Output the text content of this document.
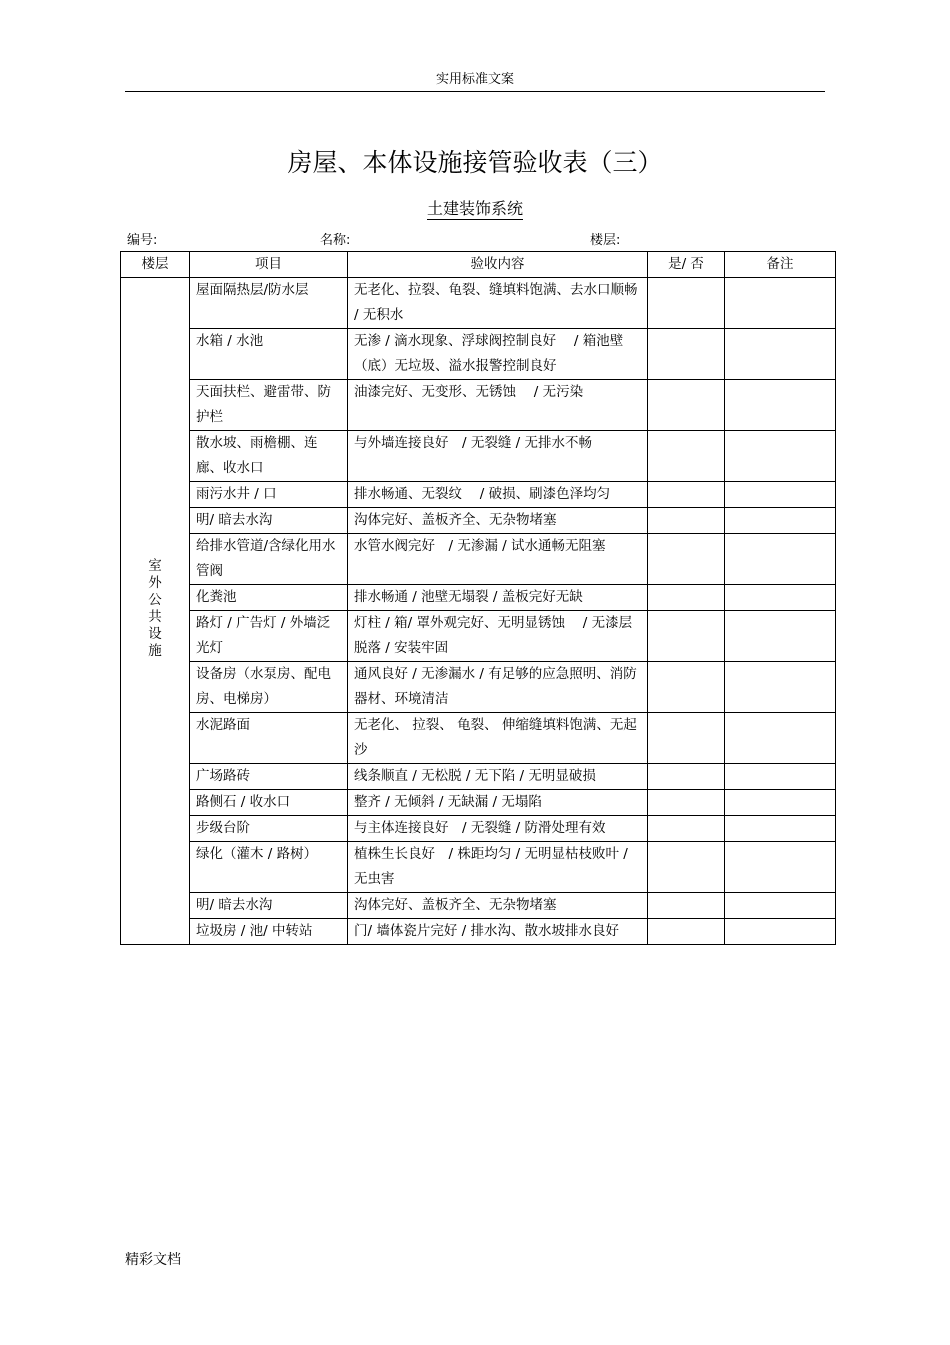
实用标准文案
房屋、本体设施接管验收表（三）
土建装饰系统
编号:	名称:	楼层:
楼层	项目	验收内容	是/ 否	备注
室外公共设施	屋面隔热层/防水层	无老化、拉裂、龟裂、缝填料饱满、去水口顺畅 / 无积水		
	水箱 / 水池	无渗 / 滴水现象、浮球阀控制良好　 / 箱池壁（底）无垃圾、溢水报警控制良好		
	天面扶栏、避雷带、防护栏	油漆完好、无变形、无锈蚀　 / 无污染		
	散水坡、雨檐棚、连廊、收水口	与外墙连接良好　/ 无裂缝 / 无排水不畅		
	雨污水井 / 口	排水畅通、无裂纹　 / 破损、刷漆色泽均匀		
	明/ 暗去水沟	沟体完好、盖板齐全、无杂物堵塞		
	给排水管道/含绿化用水管阀	水管水阀完好　/ 无渗漏 / 试水通畅无阻塞		
	化粪池	排水畅通 / 池壁无塌裂 / 盖板完好无缺		
	路灯 / 广告灯 / 外墙泛光灯	灯柱 / 箱/ 罩外观完好、无明显锈蚀　 / 无漆层脱落 / 安装牢固		
	设备房（水泵房、配电房、电梯房）	通风良好 / 无渗漏水 / 有足够的应急照明、消防器材、环境清洁		
	水泥路面	无老化、 拉裂、 龟裂、 伸缩缝填料饱满、无起沙		
	广场路砖	线条顺直 / 无松脱 / 无下陷 / 无明显破损		
	路侧石 / 收水口	整齐 / 无倾斜 / 无缺漏 / 无塌陷		
	步级台阶	与主体连接良好　/ 无裂缝 / 防滑处理有效		
	绿化（灌木 / 路树）	植株生长良好　/ 株距均匀 / 无明显枯枝败叶 / 无虫害		
	明/ 暗去水沟	沟体完好、盖板齐全、无杂物堵塞		
	垃圾房 / 池/ 中转站	门/ 墙体瓷片完好 / 排水沟、散水坡排水良好		
精彩文档
